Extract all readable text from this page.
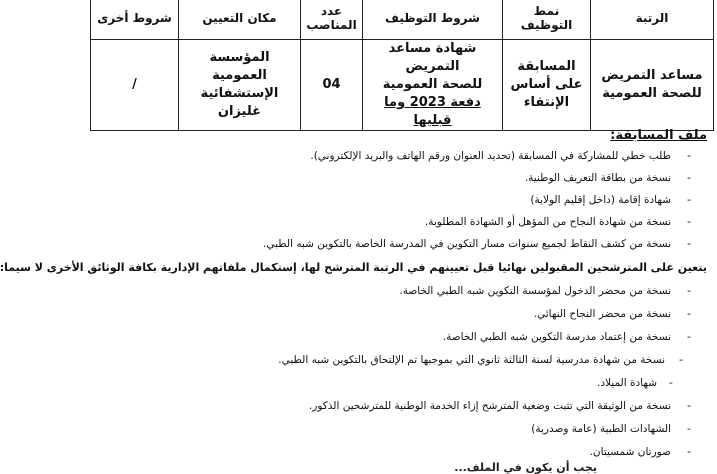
الرتبة	نمط التوظيف	شروط التوظيف	عدد المناصب	مكان التعيين	شروط أخرى
مساعد التمريض للصحة العمومية	المسابقة على أساس الإنتقاء	شهادة مساعد التمريض
للصحة العمومية
دفعة 2023 وما قبليها	04	المؤسسة العمومية الإستشفائية غليزان	/
ملف المسابقة:
- طلب خطي للمشاركة في المسابقة (تحديد العنوان ورقم الهاتف والبريد الإلكتروني).
- نسخة من بطاقة التعريف الوطنية.
- شهادة إقامة (داخل إقليم الولاية)
- نسخة من شهادة النجاح من المؤهل أو الشهادة المطلوبة.
- نسخة من كشف النقاط لجميع سنوات مسار التكوين في المدرسة الخاصة بالتكوين شبه الطبي.
يتعين على المترشحين المقبولين نهائيا قبل تعيينهم في الرتبة المترشح لها، إستكمال ملفاتهم الإدارية بكافة الوثائق الأخرى لا سيما:
- نسخة من محضر الدخول لمؤسسة التكوين شبه الطبي الخاصة.
- نسخة من محضر النجاح النهائي.
- نسخة من إعتماد مدرسة التكوين شبه الطبي الخاصة.
- نسخة من شهادة مدرسية لسنة الثالثة ثانوي التي بموجبها تم الإلتحاق بالتكوين شبه الطبي.
- شهادة الميلاد.
- نسخة من الوثيقة التي تثبت وضعية المترشح إزاء الخدمة الوطنية للمترشحين الذكور.
- الشهادات الطبية (عامة وصدرية)
- صورتان شمسيتان.
يجب أن يكون في الملف...
